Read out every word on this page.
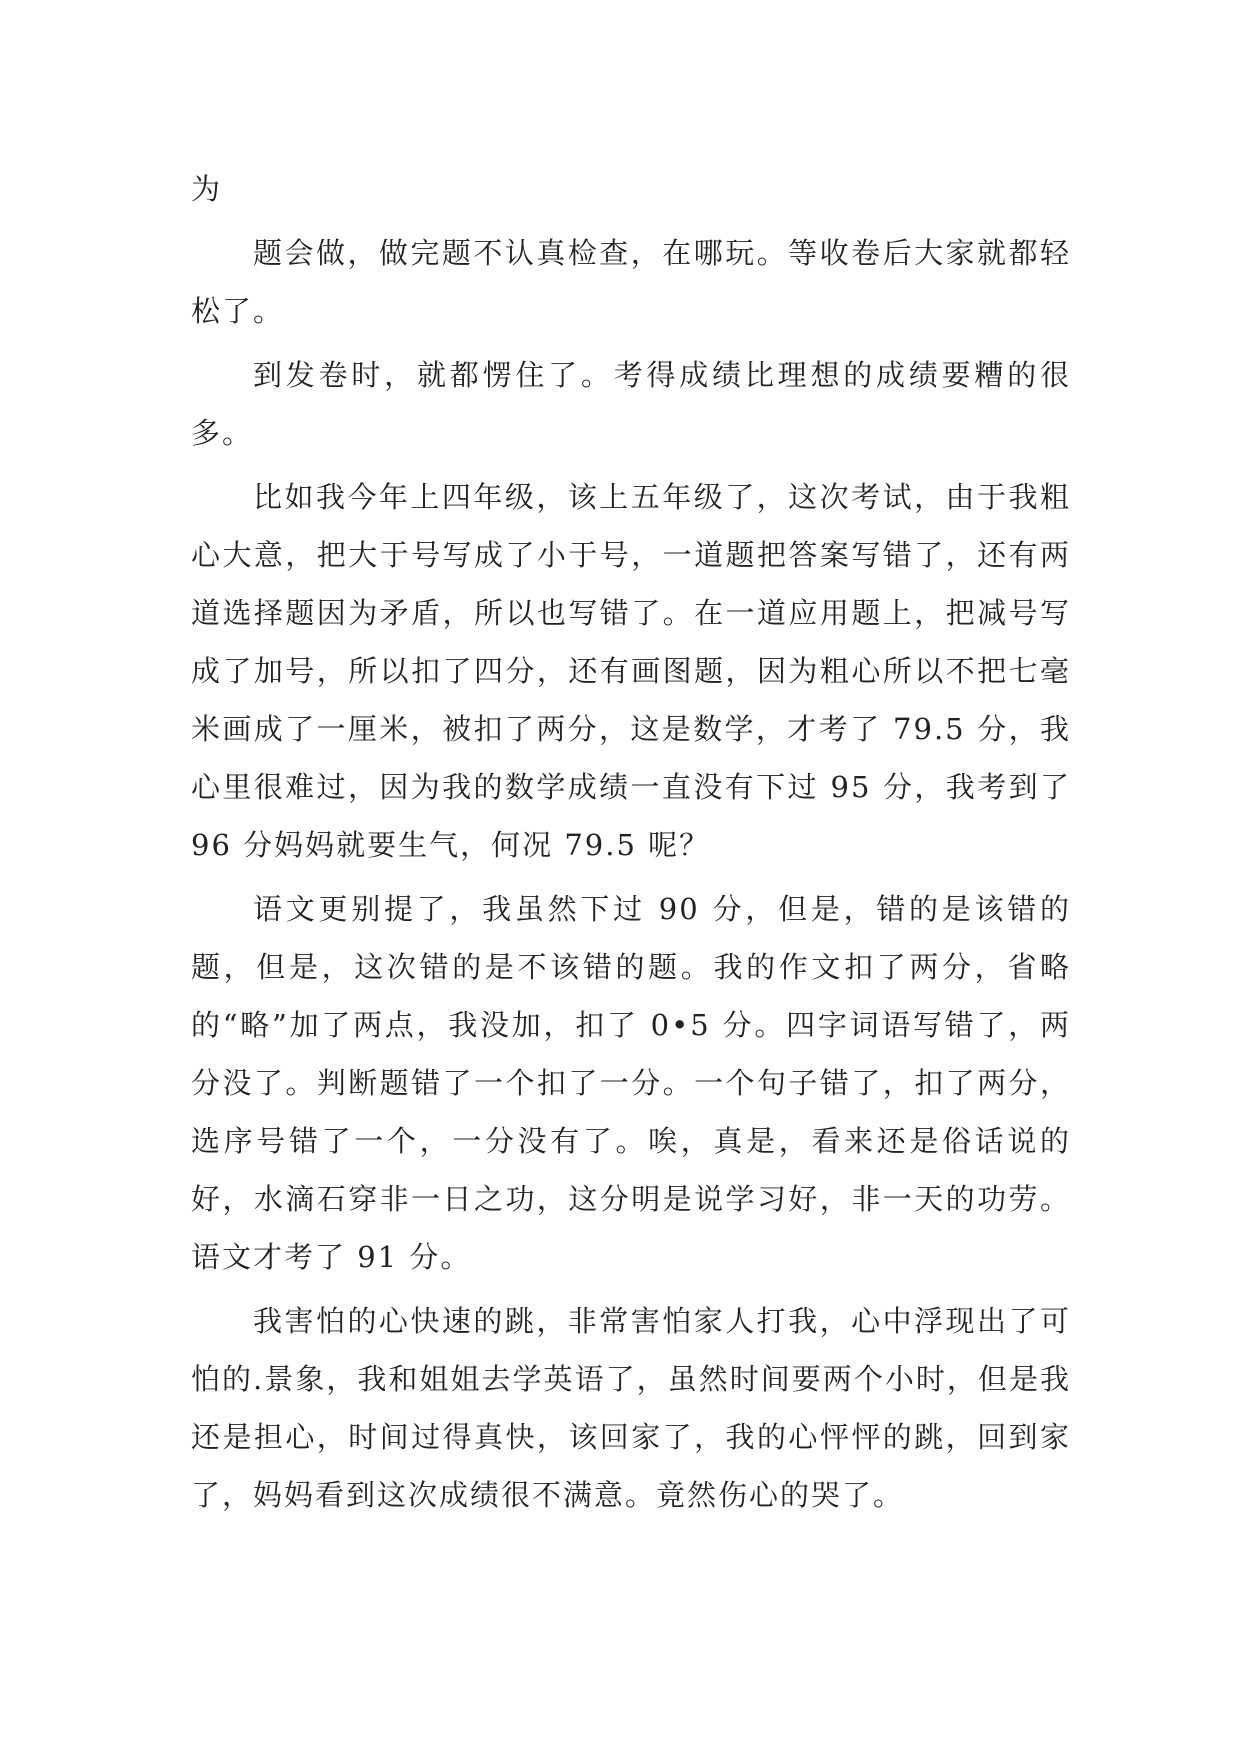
为

题会做，做完题不认真检查，在哪玩。等收卷后大家就都轻松了。

到发卷时，就都愣住了。考得成绩比理想的成绩要糟的很多。

比如我今年上四年级，该上五年级了，这次考试，由于我粗心大意，把大于号写成了小于号，一道题把答案写错了，还有两道选择题因为矛盾，所以也写错了。在一道应用题上，把减号写成了加号，所以扣了四分，还有画图题，因为粗心所以不把七毫米画成了一厘米，被扣了两分，这是数学，才考了 79.5 分，我心里很难过，因为我的数学成绩一直没有下过 95 分，我考到了 96 分妈妈就要生气，何况 79.5 呢？

语文更别提了，我虽然下过 90 分，但是，错的是该错的题，但是，这次错的是不该错的题。我的作文扣了两分，省略的“略”加了两点，我没加，扣了 0•5 分。四字词语写错了，两分没了。判断题错了一个扣了一分。一个句子错了，扣了两分，选序号错了一个，一分没有了。唉，真是，看来还是俗话说的好，水滴石穿非一日之功，这分明是说学习好，非一天的功劳。语文才考了 91 分。

我害怕的心快速的跳，非常害怕家人打我，心中浮现出了可怕的.景象，我和姐姐去学英语了，虽然时间要两个小时，但是我还是担心，时间过得真快，该回家了，我的心怦怦的跳，回到家了，妈妈看到这次成绩很不满意。竟然伤心的哭了。
